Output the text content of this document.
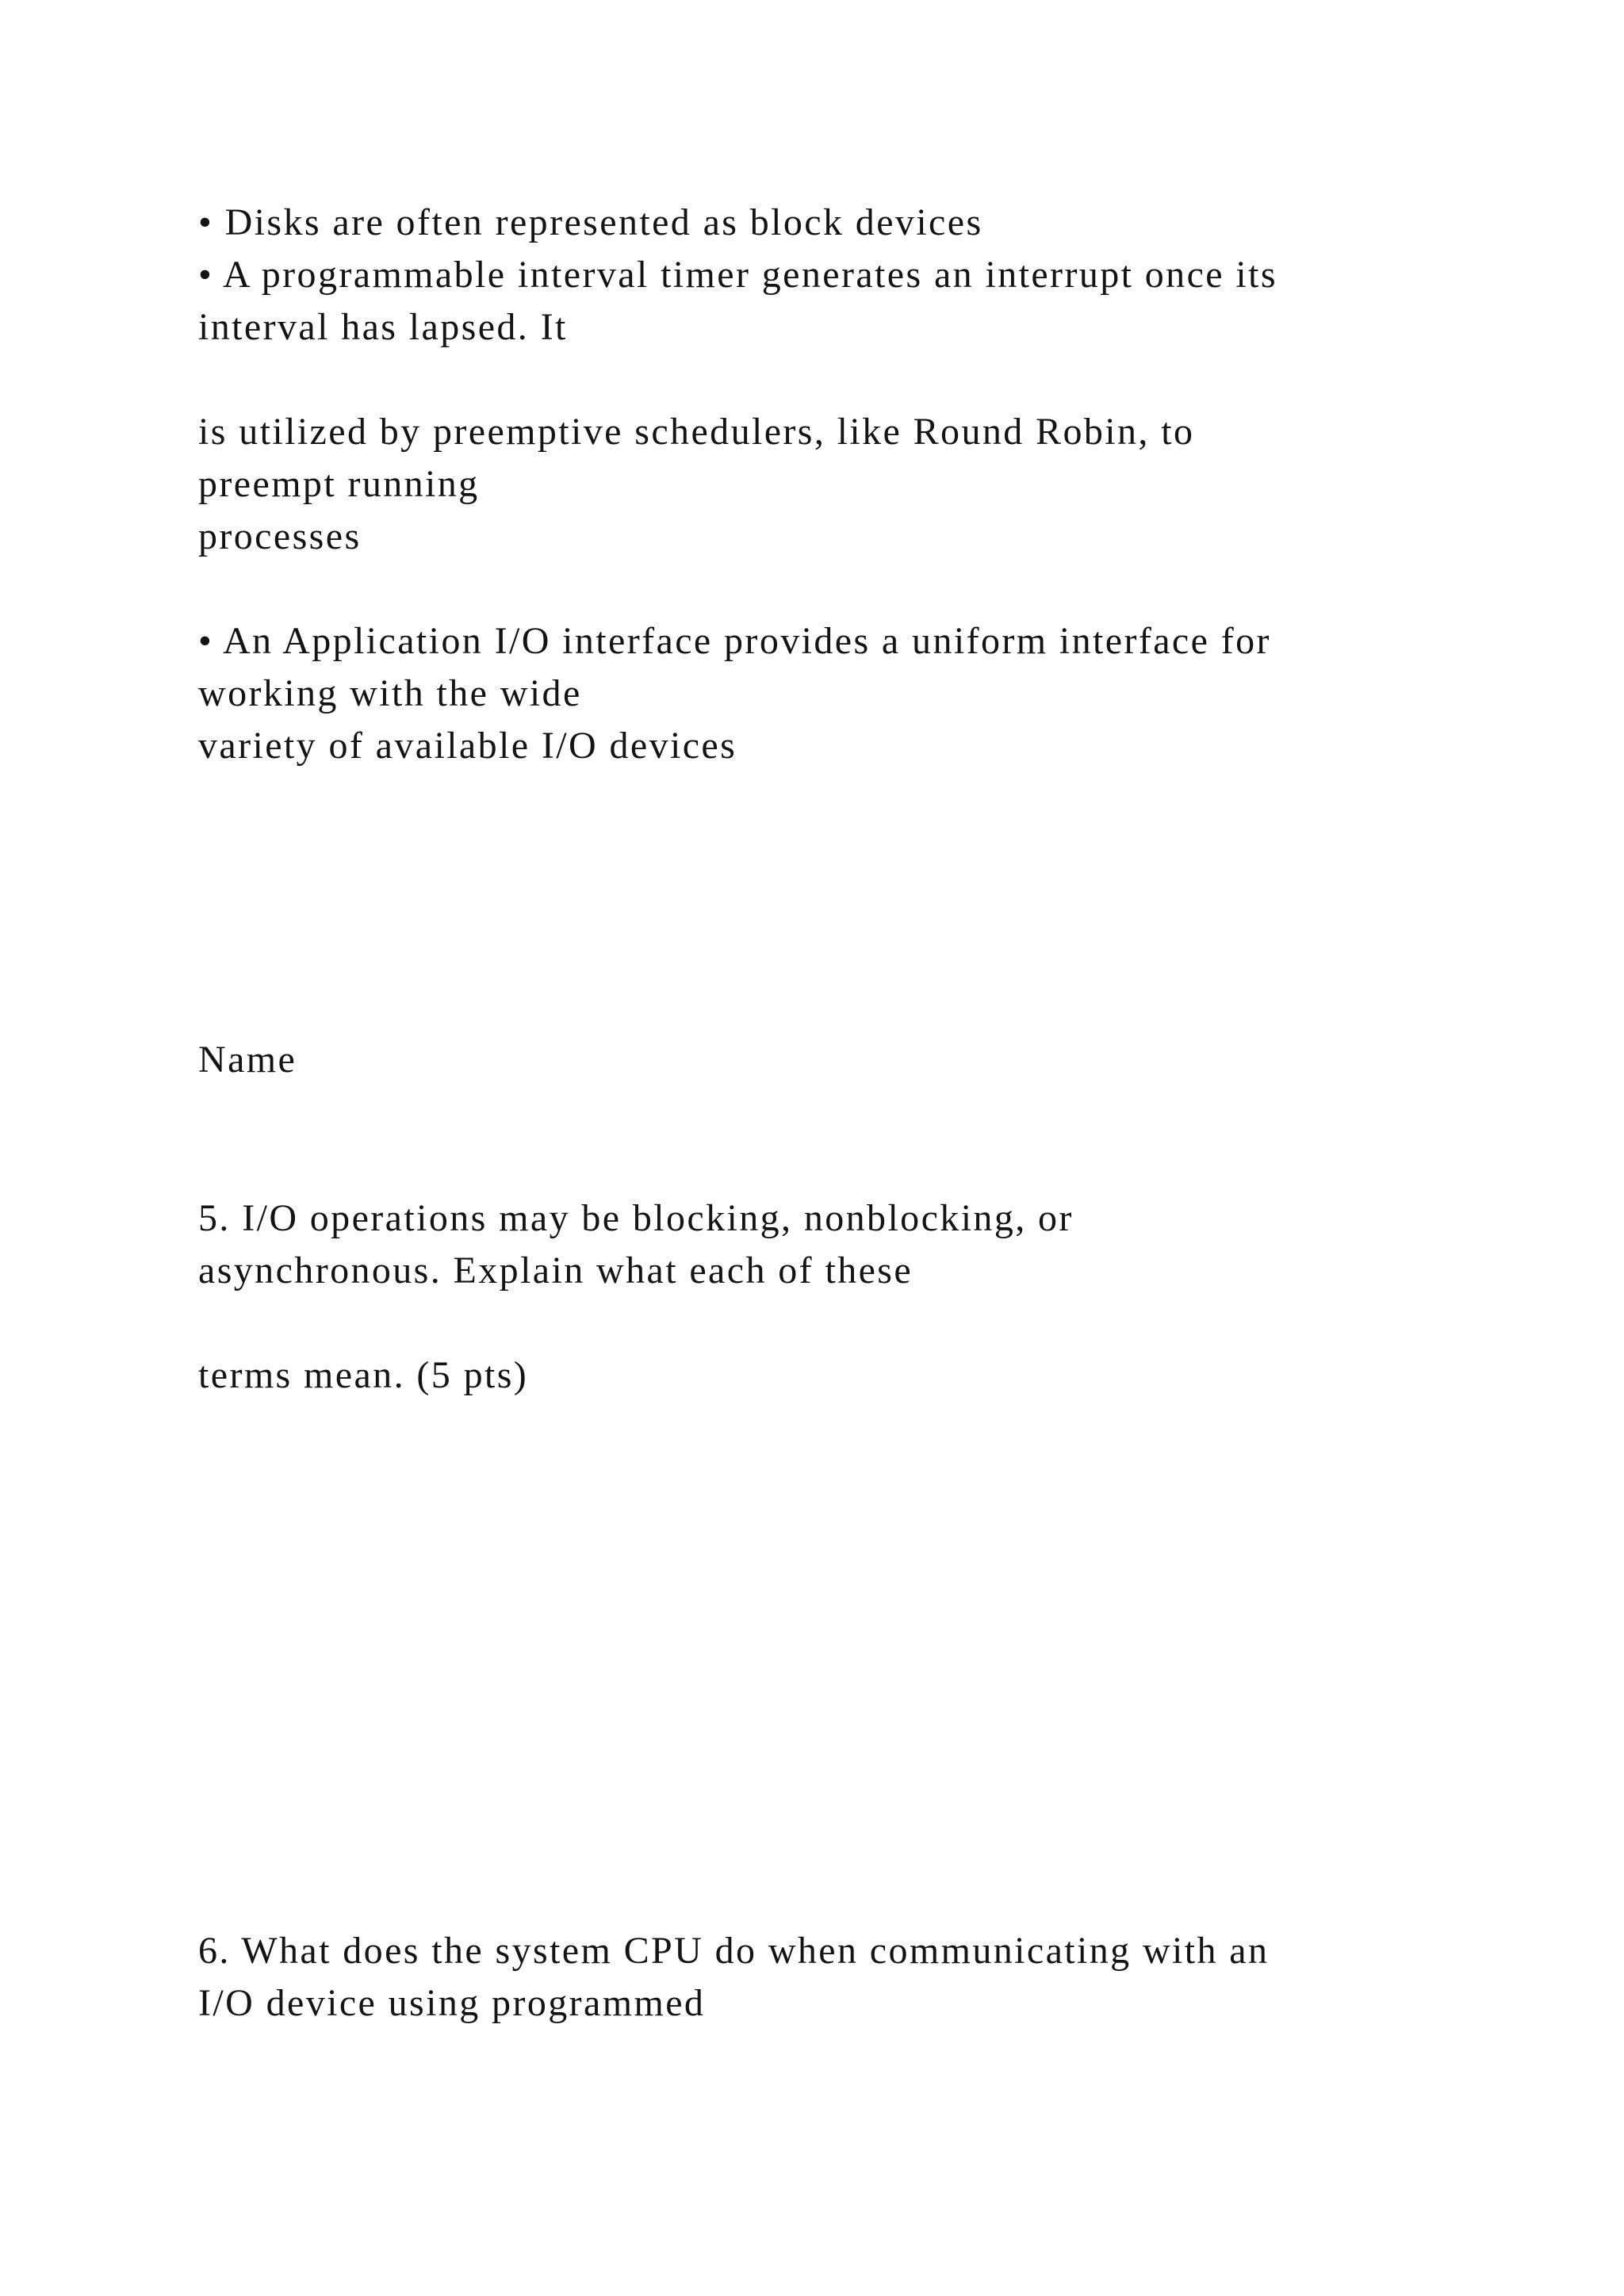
• Disks are often represented as block devices

• A programmable interval timer generates an interrupt once its

interval has lapsed. It

is utilized by preemptive schedulers, like Round Robin, to

preempt running

processes

• An Application I/O interface provides a uniform interface for

working with the wide

variety of available I/O devices

Name

5. I/O operations may be blocking, nonblocking, or

asynchronous. Explain what each of these

terms mean. (5 pts)

6. What does the system CPU do when communicating with an

I/O device using programmed
